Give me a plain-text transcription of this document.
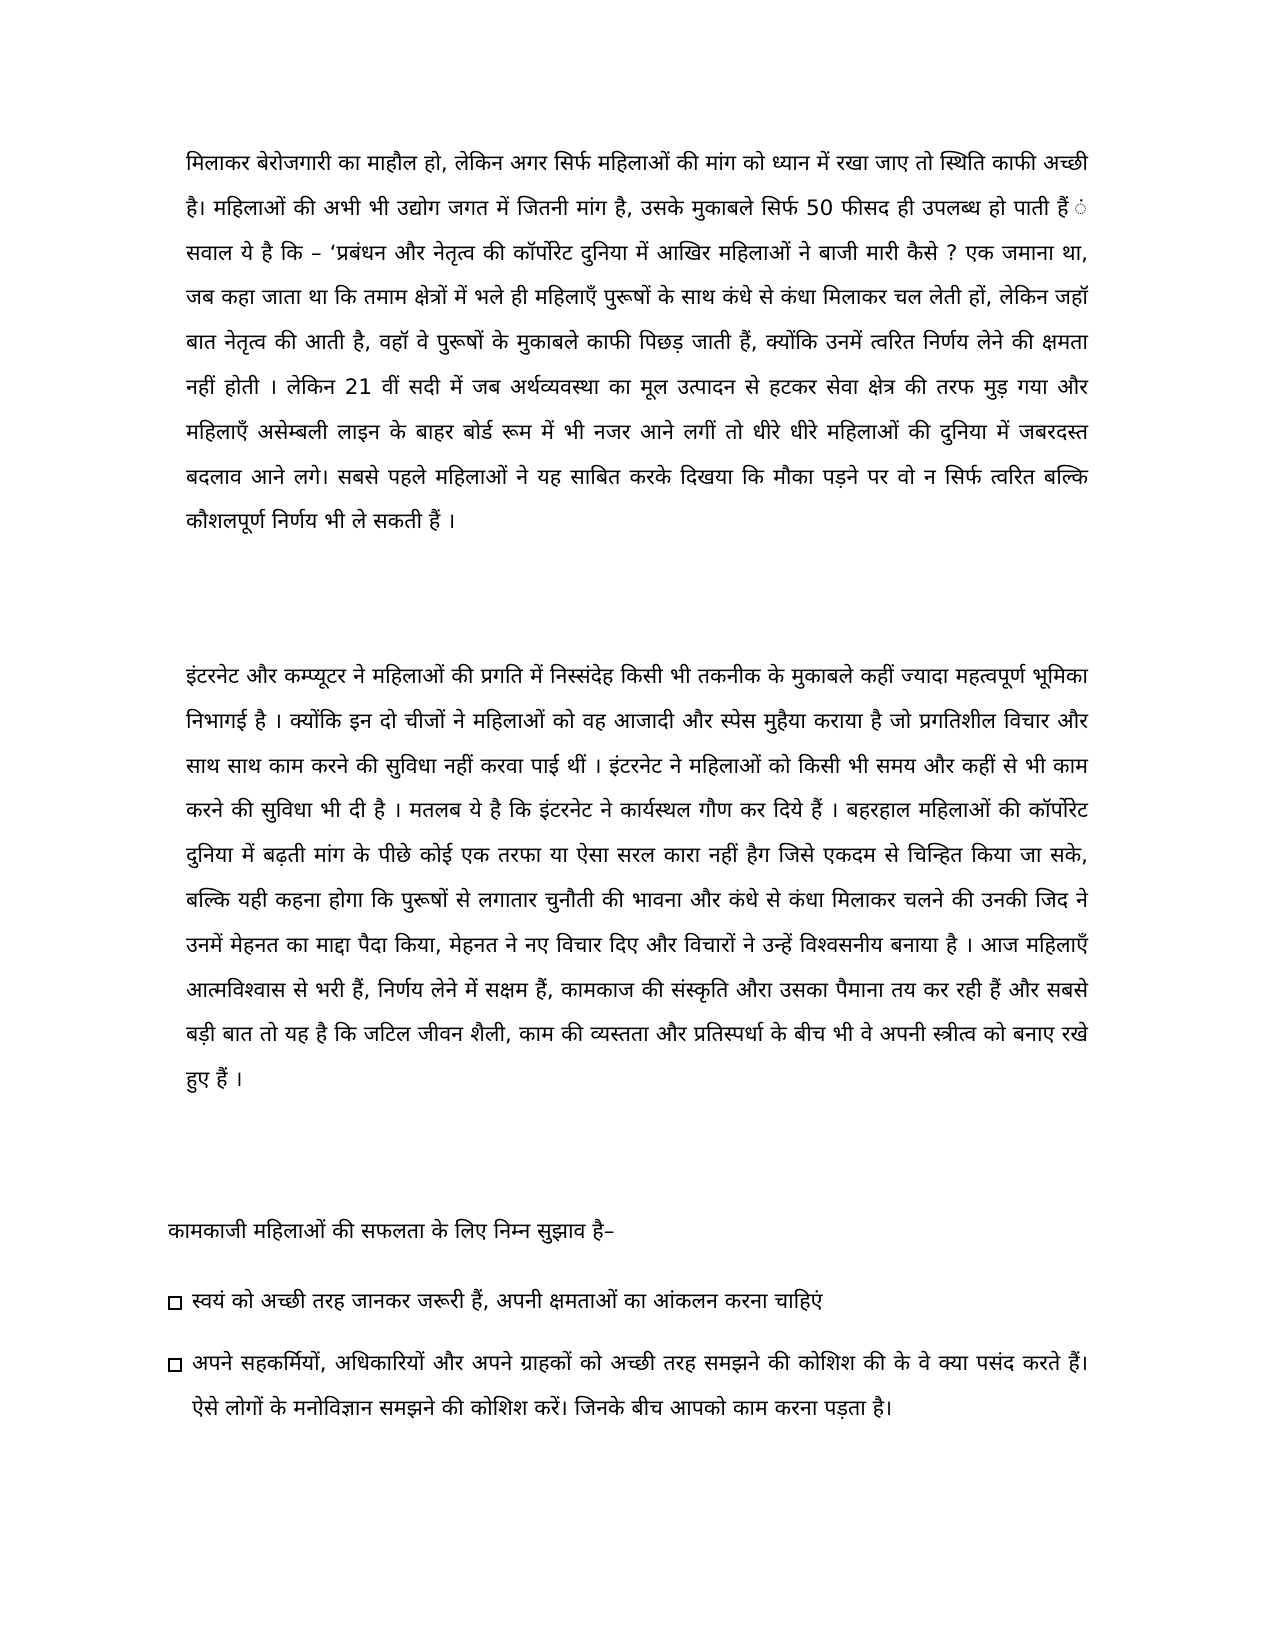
मिलाकर बेरोजगारी का माहौल हो, लेकिन अगर सिर्फ महिलाओं की मांग को ध्यान में रखा जाए तो स्थिति काफी अच्छी है। महिलाओं की अभी भी उद्योग जगत में जितनी मांग है, उसके मुकाबले सिर्फ 50 फीसद ही उपलब्ध हो पाती हैं ं सवाल ये है कि – ‘प्रबंधन और नेतृत्व की कॉर्पोरेट दुनिया में आखिर महिलाओं ने बाजी मारी कैसे ? एक जमाना था, जब कहा जाता था कि तमाम क्षेत्रों में भले ही महिलाएँ पुरूषों के साथ कंधे से कंधा मिलाकर चल लेती हों, लेकिन जहॉ बात नेतृत्व की आती है, वहॉ वे पुरूषों के मुकाबले काफी पिछड़ जाती हैं, क्योंकि उनमें त्वरित निर्णय लेने की क्षमता नहीं होती । लेकिन 21 वीं सदी में जब अर्थव्यवस्था का मूल उत्पादन से हटकर सेवा क्षेत्र की तरफ मुड़ गया और महिलाएँ असेम्बली लाइन के बाहर बोर्ड रूम में भी नजर आने लगीं तो धीरे धीरे महिलाओं की दुनिया में जबरदस्त बदलाव आने लगे। सबसे पहले महिलाओं ने यह साबित करके दिखया कि मौका पड़ने पर वो न सिर्फ त्वरित बल्कि कौशलपूर्ण निर्णय भी ले सकती हैं ।

इंटरनेट और कम्प्यूटर ने महिलाओं की प्रगति में निस्संदेह किसी भी तकनीक के मुकाबले कहीं ज्यादा महत्वपूर्ण भूमिका निभागई है । क्योंकि इन दो चीजों ने महिलाओं को वह आजादी और स्पेस मुहैया कराया है जो प्रगतिशील विचार और साथ साथ काम करने की सुविधा नहीं करवा पाई थीं । इंटरनेट ने महिलाओं को किसी भी समय और कहीं से भी काम करने की सुविधा भी दी है । मतलब ये है कि इंटरनेट ने कार्यस्थल गौण कर दिये हैं । बहरहाल महिलाओं की कॉर्पोरेट दुनिया में बढ़ती मांग के पीछे कोई एक तरफा या ऐसा सरल कारा नहीं हैग जिसे एकदम से चिन्हित किया जा सके, बल्कि यही कहना होगा कि पुरूषों से लगातार चुनौती की भावना और कंधे से कंधा मिलाकर चलने की उनकी जिद ने उनमें मेहनत का माद्दा पैदा किया, मेहनत ने नए विचार दिए और विचारों ने उन्हें विश्वसनीय बनाया है । आज महिलाएँ आत्मविश्वास से भरी हैं, निर्णय लेने में सक्षम हैं, कामकाज की संस्कृति औरा उसका पैमाना तय कर रही हैं और सबसे बड़ी बात तो यह है कि जटिल जीवन शैली, काम की व्यस्तता और प्रतिस्पर्धा के बीच भी वे अपनी स्त्रीत्व को बनाए रखे हुए हैं ।

कामकाजी महिलाओं की सफलता के लिए निम्न सुझाव है–

स्वयं को अच्छी तरह जानकर जरूरी हैं, अपनी क्षमताओं का आंकलन करना चाहिएं

अपने सहकर्मियों, अधिकारियों और अपने ग्राहकों को अच्छी तरह समझने की कोशिश की के वे क्या पसंद करते हैं। ऐसे लोगों के मनोविज्ञान समझने की कोशिश करें। जिनके बीच आपको काम करना पड़ता है।
